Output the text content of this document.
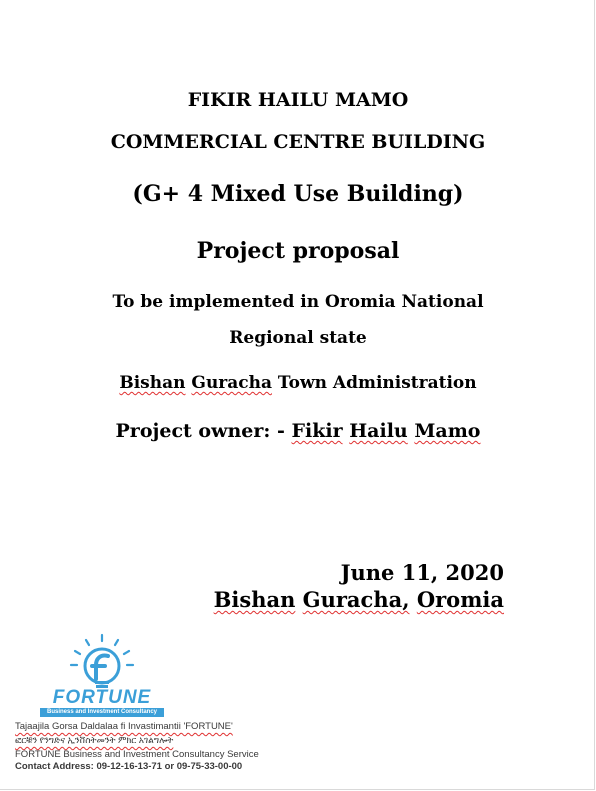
FIKIR HAILU MAMO
COMMERCIAL CENTRE BUILDING
(G+ 4 Mixed Use Building)
Project proposal
To be implemented in Oromia National
Regional state
Bishan Guracha Town Administration
Project owner: - Fikir Hailu Mamo
June 11, 2020
Bishan Guracha, Oromia
FORTUNE
Business and Investment Consultancy
Tajaajila Gorsa Daldalaa fi Invastimantii 'FORTUNE'
ፎርቹን የንግድና ኢንቨስትመንት ምክር አገልግሎት
FORTUNE Business and Investment Consultancy Service
Contact Address: 09-12-16-13-71 or 09-75-33-00-00
